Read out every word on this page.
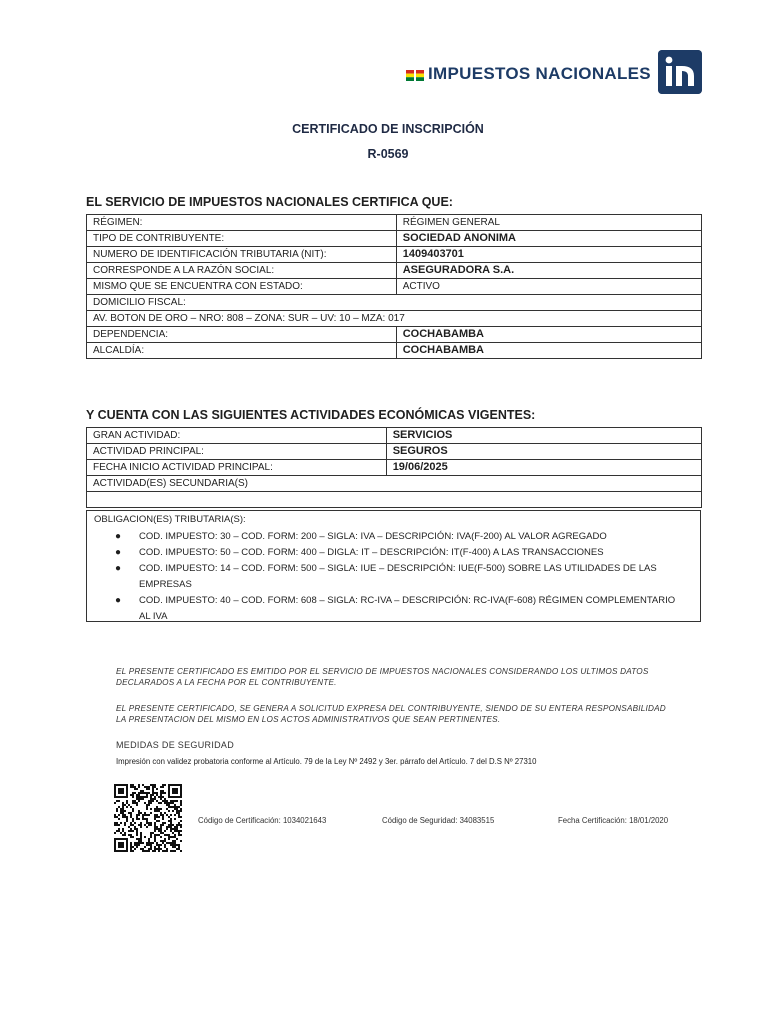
IMPUESTOS NACIONALES
CERTIFICADO DE INSCRIPCIÓN
R-0569
EL SERVICIO DE IMPUESTOS NACIONALES CERTIFICA QUE:
RÉGIMEN:	RÉGIMEN GENERAL
TIPO DE CONTRIBUYENTE:	SOCIEDAD ANONIMA
NUMERO DE IDENTIFICACIÓN TRIBUTARIA (NIT):	1409403701
CORRESPONDE A LA RAZÓN SOCIAL:	ASEGURADORA S.A.
MISMO QUE SE ENCUENTRA CON ESTADO:	ACTIVO
DOMICILIO FISCAL:	
AV. BOTON DE ORO – NRO: 808 – ZONA: SUR – UV: 10 – MZA: 017	
DEPENDENCIA:	COCHABAMBA
ALCALDÍA:	COCHABAMBA
Y CUENTA CON LAS SIGUIENTES ACTIVIDADES ECONÓMICAS VIGENTES:
GRAN ACTIVIDAD:	SERVICIOS
ACTIVIDAD PRINCIPAL:	SEGUROS
FECHA INICIO ACTIVIDAD PRINCIPAL:	19/06/2025
ACTIVIDAD(ES) SECUNDARIA(S)	

OBLIGACION(ES) TRIBUTARIA(S):
● COD. IMPUESTO: 30 – COD. FORM: 200 – SIGLA: IVA – DESCRIPCIÓN: IVA(F-200) AL VALOR AGREGADO
● COD. IMPUESTO: 50 – COD. FORM: 400 – DIGLA: IT – DESCRIPCIÓN: IT(F-400) A LAS TRANSACCIONES
● COD. IMPUESTO: 14 – COD. FORM: 500 – SIGLA: IUE – DESCRIPCIÓN: IUE(F-500) SOBRE LAS UTILIDADES DE LAS EMPRESAS
● COD. IMPUESTO: 40 – COD. FORM: 608 – SIGLA: RC-IVA – DESCRIPCIÓN: RC-IVA(F-608) RÉGIMEN COMPLEMENTARIO AL IVA
EL PRESENTE CERTIFICADO ES EMITIDO POR EL SERVICIO DE IMPUESTOS NACIONALES CONSIDERANDO LOS ULTIMOS DATOS DECLARADOS A LA FECHA POR EL CONTRIBUYENTE.
EL PRESENTE CERTIFICADO, SE GENERA A SOLICITUD EXPRESA DEL CONTRIBUYENTE, SIENDO DE SU ENTERA RESPONSABILIDAD LA PRESENTACION DEL MISMO EN LOS ACTOS ADMINISTRATIVOS QUE SEAN PERTINENTES.
MEDIDAS DE SEGURIDAD
Impresión con validez probatoria conforme al Artículo. 79 de la Ley Nº 2492 y 3er. párrafo del Artículo. 7 del D.S Nº 27310
Código de Certificación: 1034021643	Código de Seguridad: 34083515	Fecha Certificación: 18/01/2020
